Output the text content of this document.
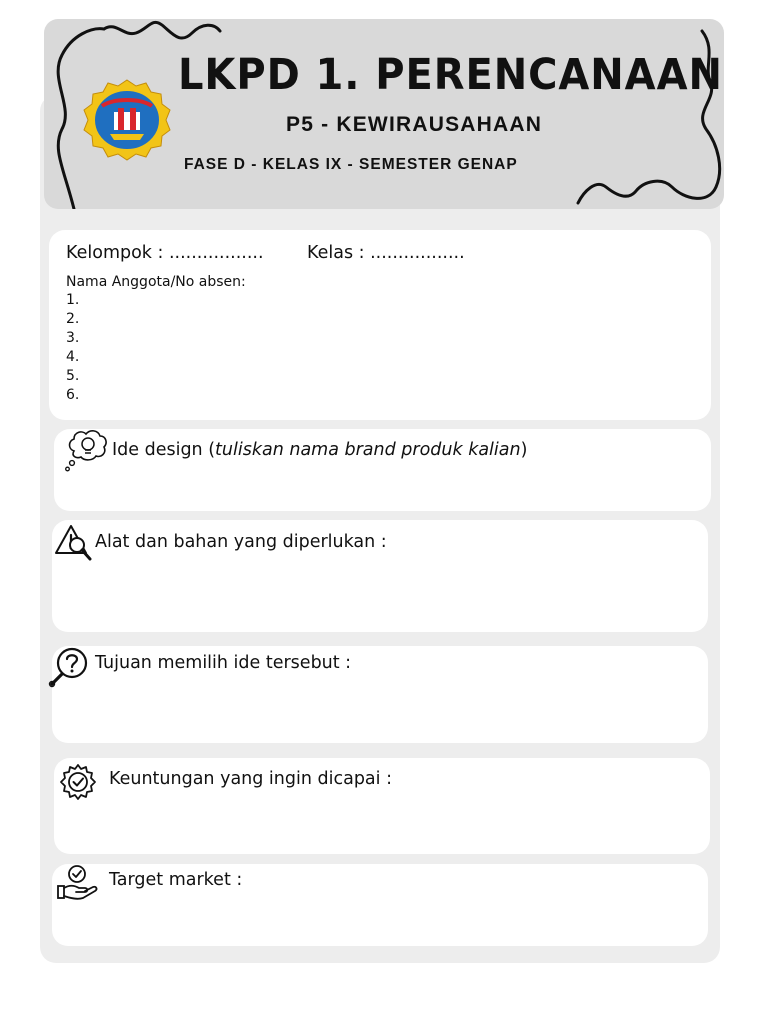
LKPD 1. PERENCANAAN
P5 - KEWIRAUSAHAAN
FASE D - KELAS IX - SEMESTER GENAP
Kelompok : ................. Kelas : .................
Nama Anggota/No absen:
1.
2.
3.
4.
5.
6.
Ide design (tuliskan nama brand produk kalian)
Alat dan bahan yang diperlukan :
Tujuan memilih ide tersebut :
Keuntungan yang ingin dicapai :
Target market :
